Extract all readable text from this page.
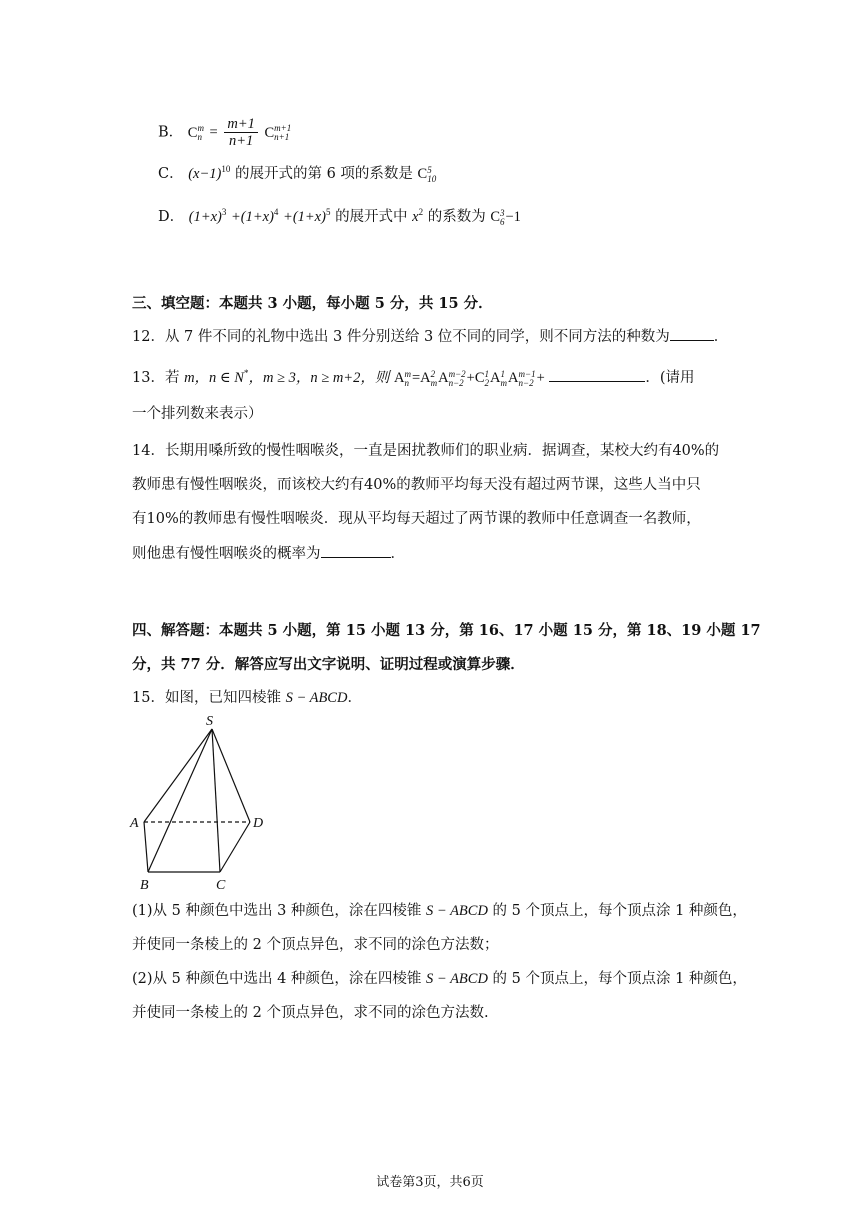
B． C m
$n = \frac{m+1}{n+1}$ C m+1
n+1
C． $(x-1)^{10}$ 的展开式的第 6 项的系数是 C 5
10
D． $(1+x)^3 +(1+x)^4 +(1+x)^5$ 的展开式中 $x^2$ 的系数为 C 3
6 −1
三、填空题：本题共 3 小题，每小题 5 分，共 15 分．
12．从 7 件不同的礼物中选出 3 件分别送给 3 位不同的同学，则不同方法的种数为	．
13．若 m，n ∈ N*，m ≥ 3，n ≥ m+2，则 A m
n =A 2
m A m−2
n−2 +C 1
2 A 1
m A m−1
n−2 +	．(请用
一个排列数来表示）
14．长期用嗓所致的慢性咽喉炎，一直是困扰教师们的职业病．据调查，某校大约有40%的
教师患有慢性咽喉炎，而该校大约有40%的教师平均每天没有超过两节课，这些人当中只
有10%的教师患有慢性咽喉炎．现从平均每天超过了两节课的教师中任意调查一名教师，
则他患有慢性咽喉炎的概率为	．
四、解答题：本题共 5 小题，第 15 小题 13 分，第 16、17 小题 15 分，第 18、19 小题 17
分，共 77 分．解答应写出文字说明、证明过程或演算步骤．
15．如图，已知四棱锥 S − ABCD．
S
A	D
B	C
(1)从 5 种颜色中选出 3 种颜色，涂在四棱锥 S − ABCD 的 5 个顶点上，每个顶点涂 1 种颜色，
并使同一条棱上的 2 个顶点异色，求不同的涂色方法数；
(2)从 5 种颜色中选出 4 种颜色，涂在四棱锥 S − ABCD 的 5 个顶点上，每个顶点涂 1 种颜色，
并使同一条棱上的 2 个顶点异色，求不同的涂色方法数.
试卷第3页，共6页
